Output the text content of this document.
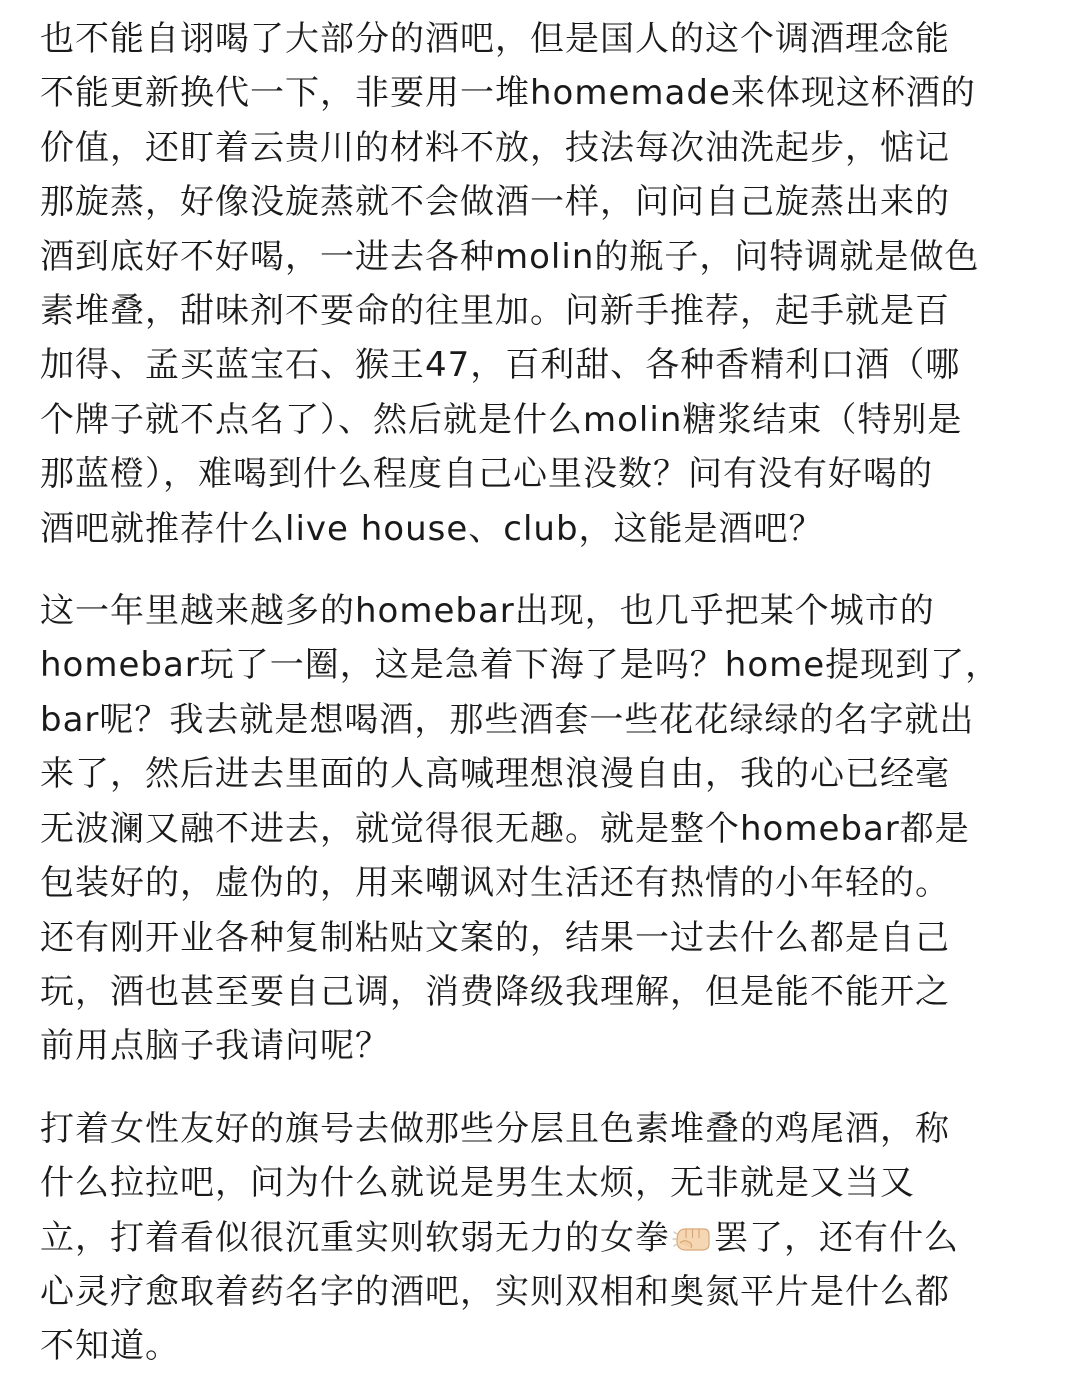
也不能自诩喝了大部分的酒吧，但是国人的这个调酒理念能
不能更新换代一下，非要用一堆homemade来体现这杯酒的
价值，还盯着云贵川的材料不放，技法每次油洗起步，惦记
那旋蒸，好像没旋蒸就不会做酒一样，问问自己旋蒸出来的
酒到底好不好喝，一进去各种molin的瓶子，问特调就是做色
素堆叠，甜味剂不要命的往里加。问新手推荐，起手就是百
加得、孟买蓝宝石、猴王47，百利甜、各种香精利口酒（哪
个牌子就不点名了）、然后就是什么molin糖浆结束（特别是
那蓝橙），难喝到什么程度自己心里没数？问有没有好喝的
酒吧就推荐什么live house、club，这能是酒吧？
这一年里越来越多的homebar出现，也几乎把某个城市的
homebar玩了一圈，这是急着下海了是吗？home提现到了，
bar呢？我去就是想喝酒，那些酒套一些花花绿绿的名字就出
来了，然后进去里面的人高喊理想浪漫自由，我的心已经毫
无波澜又融不进去，就觉得很无趣。就是整个homebar都是
包装好的，虚伪的，用来嘲讽对生活还有热情的小年轻的。
还有刚开业各种复制粘贴文案的，结果一过去什么都是自己
玩，酒也甚至要自己调，消费降级我理解，但是能不能开之
前用点脑子我请问呢？
打着女性友好的旗号去做那些分层且色素堆叠的鸡尾酒，称
什么拉拉吧，问为什么就说是男生太烦，无非就是又当又
立，打着看似很沉重实则软弱无力的女拳 罢了，还有什么
心灵疗愈取着药名字的酒吧，实则双相和奥氮平片是什么都
不知道。
